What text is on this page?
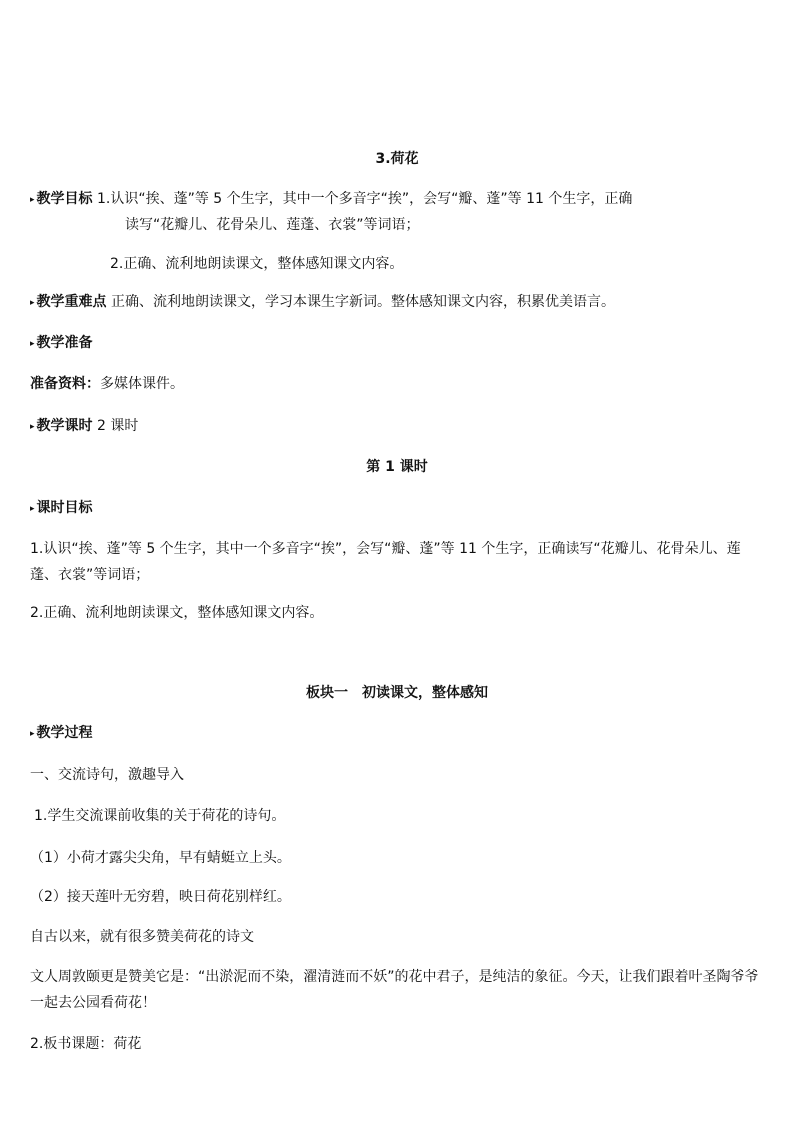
3.荷花
▸ 教学目标 1.认识“挨、蓬”等 5 个生字，其中一个多音字“挨”，会写“瓣、蓬”等 11 个生字，正确
读写“花瓣儿、花骨朵儿、莲蓬、衣裳”等词语；
2.正确、流利地朗读课文，整体感知课文内容。
▸ 教学重难点 正确、流利地朗读课文，学习本课生字新词。整体感知课文内容，积累优美语言。
▸ 教学准备
准备资料：多媒体课件。
▸ 教学课时 2 课时
第 1 课时
▸ 课时目标
1.认识“挨、蓬”等 5 个生字，其中一个多音字“挨”，会写“瓣、蓬”等 11 个生字，正确读写“花瓣儿、花骨朵儿、莲蓬、衣裳”等词语；
2.正确、流利地朗读课文，整体感知课文内容。
板块一　初读课文，整体感知
▸ 教学过程
一、交流诗句，激趣导入
1.学生交流课前收集的关于荷花的诗句。
（1）小荷才露尖尖角，早有蜻蜓立上头。
（2）接天莲叶无穷碧，映日荷花别样红。
自古以来，就有很多赞美荷花的诗文
文人周敦颐更是赞美它是：“出淤泥而不染，濯清涟而不妖”的花中君子，是纯洁的象征。今天，让我们跟着叶圣陶爷爷一起去公园看荷花！
2.板书课题：荷花
